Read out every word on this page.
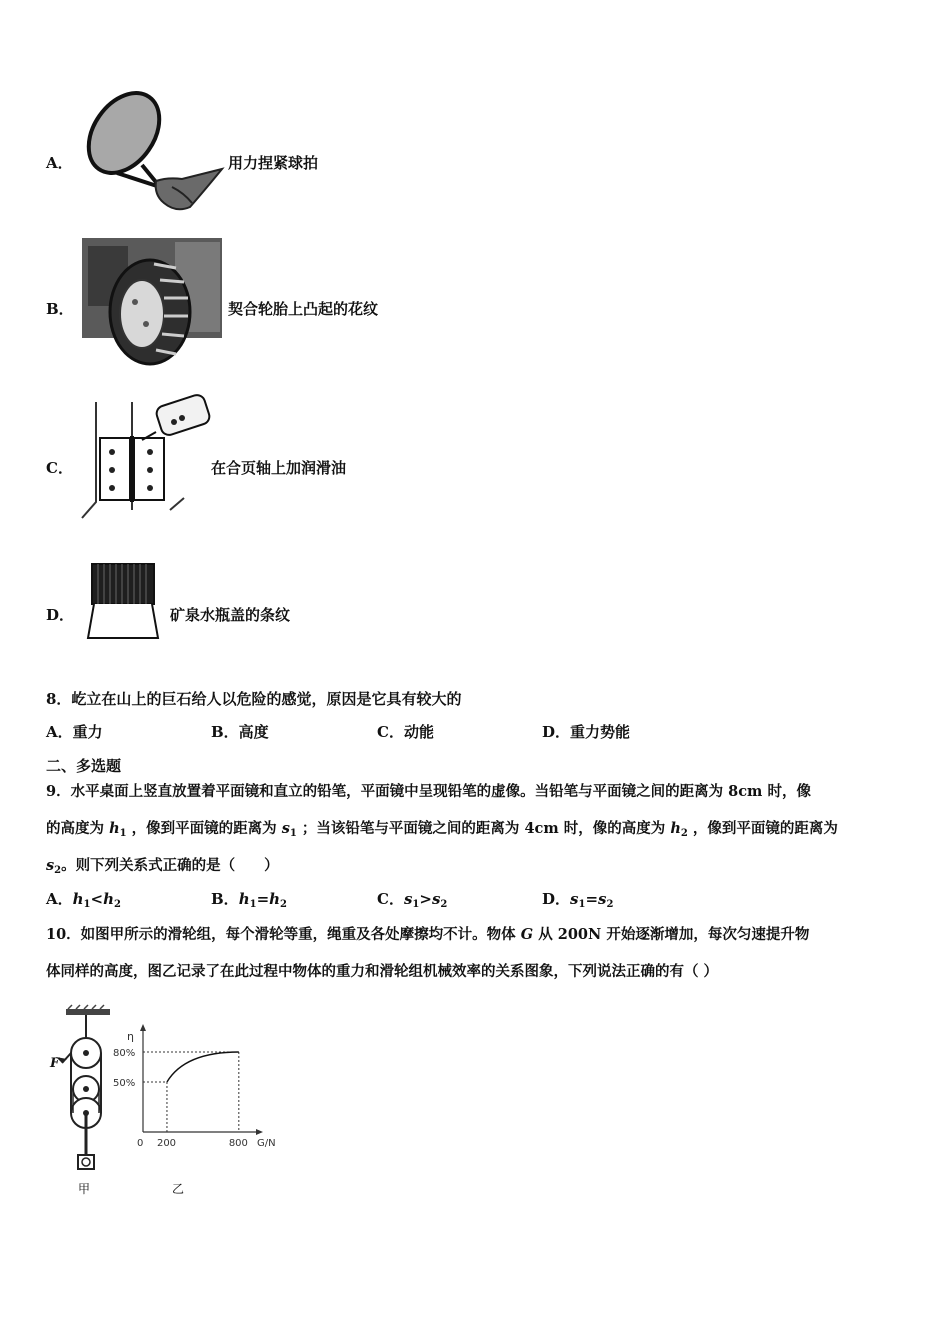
A．	用力捏紧球拍
B．	契合轮胎上凸起的花纹
C．	在合页轴上加润滑油
D．	矿泉水瓶盖的条纹
8．屹立在山上的巨石给人以危险的感觉，原因是它具有较大的
A．重力	B．高度	C．动能	D．重力势能
二、多选题
9．水平桌面上竖直放置着平面镜和直立的铅笔，平面镜中呈现铅笔的虚像。当铅笔与平面镜之间的距离为 8cm 时，像
的高度为 $h_1$ ，像到平面镜的距离为 $s_1$ ；当该铅笔与平面镜之间的距离为 4cm 时，像的高度为 $h_2$ ，像到平面镜的距离为
$s_2$。则下列关系式正确的是（　　）
A．$h_1<h_2$	B．$h_1=h_2$	C．$s_1>s_2$	D．$s_1=s_2$
10．如图甲所示的滑轮组，每个滑轮等重，绳重及各处摩擦均不计。物体 G 从 200N 开始逐渐增加，每次匀速提升物
体同样的高度，图乙记录了在此过程中物体的重力和滑轮组机械效率的关系图象，下列说法正确的有（ ）
F
甲
η
G/N
50%
80%
0 200	800
乙
